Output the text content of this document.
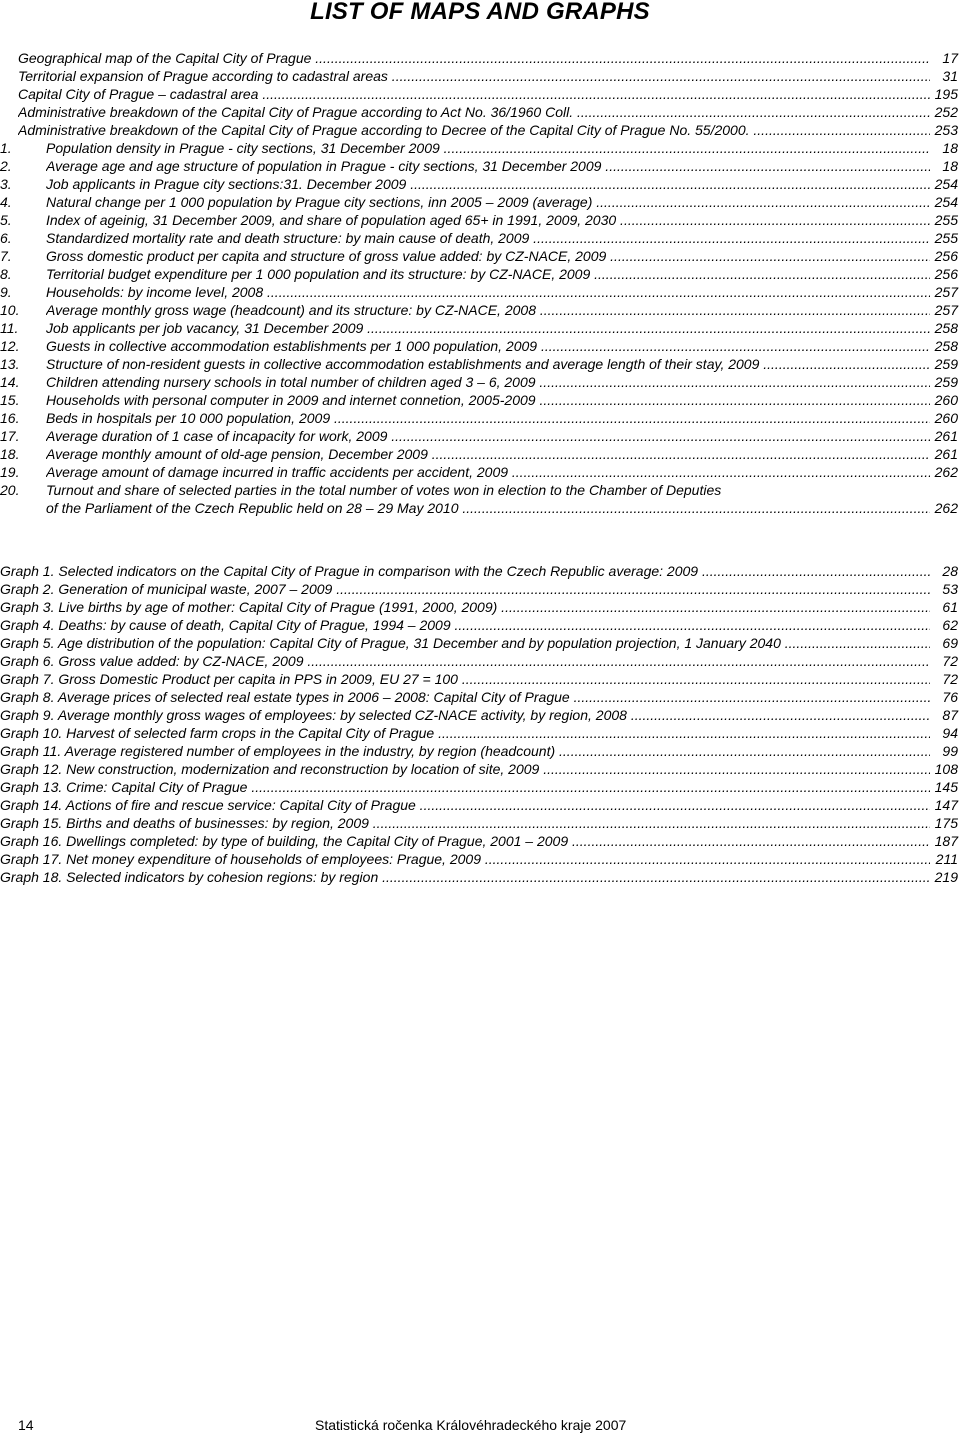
LIST OF MAPS AND GRAPHS
Geographical map of the Capital City of Prague .....	17
Territorial expansion of Prague according to cadastral areas .....	31
Capital City of Prague – cadastral area .....	195
Administrative breakdown of the Capital City of Prague according to Act No. 36/1960 Coll. .....	252
Administrative breakdown of the Capital City of Prague according to Decree of the Capital City of Prague No. 55/2000. .....	253
1. Population density in Prague - city sections, 31 December 2009 .....	18
2. Average age and age structure of population in Prague - city sections, 31 December 2009 .....	18
3. Job applicants in Prague city sections:31. December 2009 .....	254
4. Natural change per 1 000 population by Prague city sections, inn 2005 – 2009 (average) .....	254
5. Index of ageinig, 31 December 2009, and share of population aged 65+ in 1991, 2009, 2030 .....	255
6. Standardized mortality rate and death structure: by main cause of death, 2009 .....	255
7. Gross domestic product per capita and structure of gross value added: by CZ-NACE, 2009 .....	256
8. Territorial budget expenditure per 1 000 population and its structure: by CZ-NACE, 2009 .....	256
9. Households: by income level, 2008 .....	257
10. Average monthly gross wage (headcount) and its structure: by CZ-NACE, 2008 .....	257
11. Job applicants per job vacancy, 31 December 2009 .....	258
12. Guests in collective accommodation establishments per 1 000 population, 2009 .....	258
13. Structure of non-resident guests in collective accommodation establishments and average length of their stay, 2009 .....	259
14. Children attending nursery schools in total number of children aged 3 – 6, 2009 .....	259
15. Households with personal computer in 2009 and internet connetion, 2005-2009 .....	260
16. Beds in hospitals per 10 000 population, 2009 .....	260
17. Average duration of 1 case of incapacity for work, 2009 .....	261
18. Average monthly amount of old-age pension, December 2009 .....	261
19. Average amount of damage incurred in traffic accidents per accident, 2009 .....	262
20. Turnout and share of selected parties in the total number of votes won in election to the Chamber of Deputies
of the Parliament of the Czech Republic held on 28 – 29 May 2010 .....	262
Graph 1. Selected indicators on the Capital City of Prague in comparison with the Czech Republic average: 2009 .....	28
Graph 2. Generation of municipal waste, 2007 – 2009 .....	53
Graph 3. Live births by age of mother: Capital City of Prague (1991, 2000, 2009) .....	61
Graph 4. Deaths: by cause of death, Capital City of Prague, 1994 – 2009 .....	62
Graph 5. Age distribution of the population: Capital City of Prague, 31 December and by population projection, 1 January 2040 .....	69
Graph 6. Gross value added: by CZ-NACE, 2009 .....	72
Graph 7. Gross Domestic Product per capita in PPS in 2009, EU 27 = 100 .....	72
Graph 8. Average prices of selected real estate types in 2006 – 2008: Capital City of Prague .....	76
Graph 9. Average monthly gross wages of employees: by selected CZ-NACE activity, by region, 2008 .....	87
Graph 10. Harvest of selected farm crops in the Capital City of Prague .....	94
Graph 11. Average registered number of employees in the industry, by region (headcount) .....	99
Graph 12. New construction, modernization and reconstruction by location of site, 2009 .....	108
Graph 13. Crime: Capital City of Prague .....	145
Graph 14. Actions of fire and rescue service: Capital City of Prague .....	147
Graph 15. Births and deaths of businesses: by region, 2009 .....	175
Graph 16. Dwellings completed: by type of building, the Capital City of Prague, 2001 – 2009 .....	187
Graph 17. Net money expenditure of households of employees: Prague, 2009 .....	211
Graph 18. Selected indicators by cohesion regions: by region .....	219
14	Statistická ročenka Královéhradeckého kraje 2007
